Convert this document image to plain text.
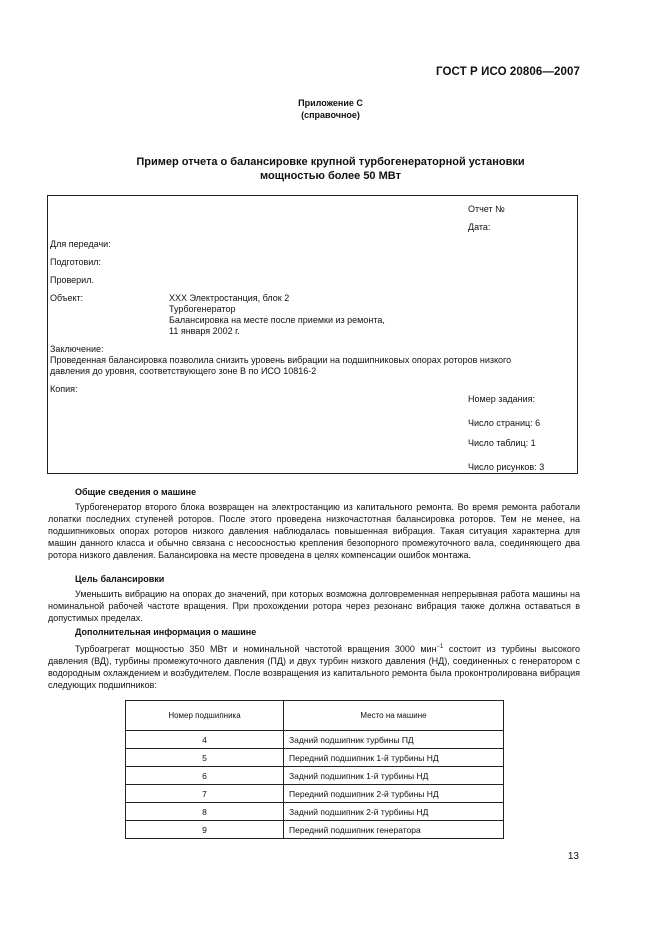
ГОСТ Р ИСО 20806—2007
Приложение С
(справочное)
Пример отчета о балансировке крупной турбогенераторной установки
мощностью более 50 МВт
Отчет №
Дата:
Для передачи:
Подготовил:
Проверил.
Объект:	XXX Электростанция, блок 2
Турбогенератор
Балансировка на месте после приемки из ремонта,
11 января 2002 г.
Заключение:
Проведенная балансировка позволила снизить уровень вибрации на подшипниковых опорах роторов низкого
давления до уровня, соответствующего зоне В по ИСО 10816-2
Копия:
Номер задания:
Число страниц: 6
Число таблиц: 1
Число рисунков: 3
Общие сведения о машине

Турбогенератор второго блока возвращен на электростанцию из капитального ремонта. Во время ремонта работали лопатки последних ступеней роторов. После этого проведена низкочастотная балансировка роторов. Тем не менее, на подшипниковых опорах роторов низкого давления наблюдалась повышенная вибрация. Такая ситуация характерна для машин данного класса и обычно связана с несоосностью крепления безопорного промежуточного вала, соединяющего два ротора низкого давления. Балансировка на месте проведена в целях компенсации ошибок монтажа.

Цель балансировки

Уменьшить вибрацию на опорах до значений, при которых возможна долговременная непрерывная работа машины на номинальной рабочей частоте вращения. При прохождении ротора через резонанс вибрация также должна оставаться в допустимых пределах.

Дополнительная информация о машине

Турбоагрегат мощностью 350 МВт и номинальной частотой вращения 3000 мин$^{-1}$ состоит из турбины высокого давления (ВД), турбины промежуточного давления (ПД) и двух турбин низкого давления (НД), соединенных с генератором с водородным охлаждением и возбудителем. После возвращения из капитального ремонта была проконтролирована вибрация следующих подшипников:

Номер подшипника	Место на машине
4	Задний подшипник турбины ПД
5	Передний подшипник 1-й турбины НД
6	Задний подшипник 1-й турбины НД
7	Передний подшипник 2-й турбины НД
8	Задний подшипник 2-й турбины НД
9	Передний подшипник генератора
13
